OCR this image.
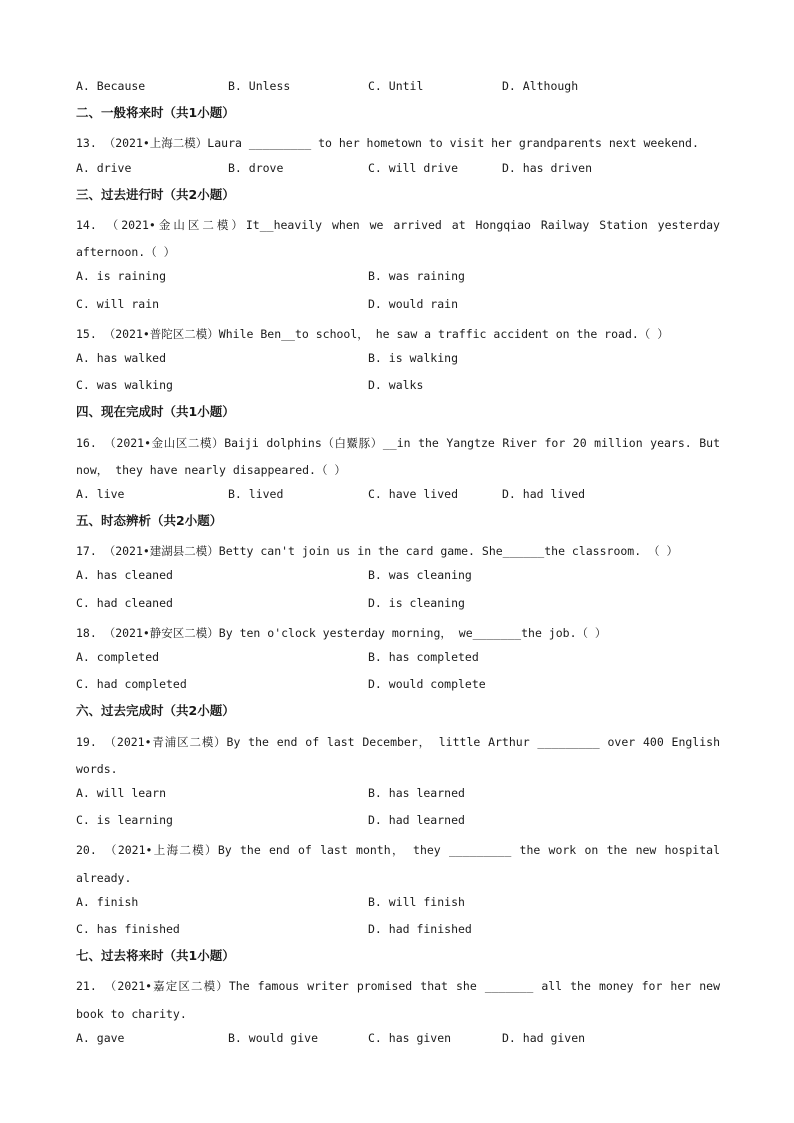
A. Because	B. Unless	C. Until	D. Although
二、一般将来时（共1小题）
13. （2021•上海二模）Laura _________ to her hometown to visit her grandparents next weekend.
A. drive	B. drove	C. will drive	D. has driven
三、过去进行时（共2小题）
14. （2021•金山区二模）It__heavily when we arrived at Hongqiao Railway Station yesterday afternoon.（ ）
A. is raining	B. was raining
C. will rain	D. would rain
15. （2021•普陀区二模）While Ben__to school， he saw a traffic accident on the road.（ ）
A. has walked	B. is walking
C. was walking	D. walks
四、现在完成时（共1小题）
16. （2021•金山区二模）Baiji dolphins（白鱀豚）__in the Yangtze River for 20 million years. But now， they have nearly disappeared.（ ）
A. live	B. lived	C. have lived	D. had lived
五、时态辨析（共2小题）
17. （2021•建湖县二模）Betty can't join us in the card game. She______the classroom. （ ）
A. has cleaned	B. was cleaning
C. had cleaned	D. is cleaning
18. （2021•静安区二模）By ten o'clock yesterday morning， we_______the job.（ ）
A. completed	B. has completed
C. had completed	D. would complete
六、过去完成时（共2小题）
19. （2021•青浦区二模）By the end of last December， little Arthur _________ over 400 English words.
A. will learn	B. has learned
C. is learning	D. had learned
20. （2021•上海二模）By the end of last month， they _________ the work on the new hospital already.
A. finish	B. will finish
C. has finished	D. had finished
七、过去将来时（共1小题）
21. （2021•嘉定区二模）The famous writer promised that she _______ all the money for her new book to charity.
A. gave	B. would give	C. has given	D. had given
